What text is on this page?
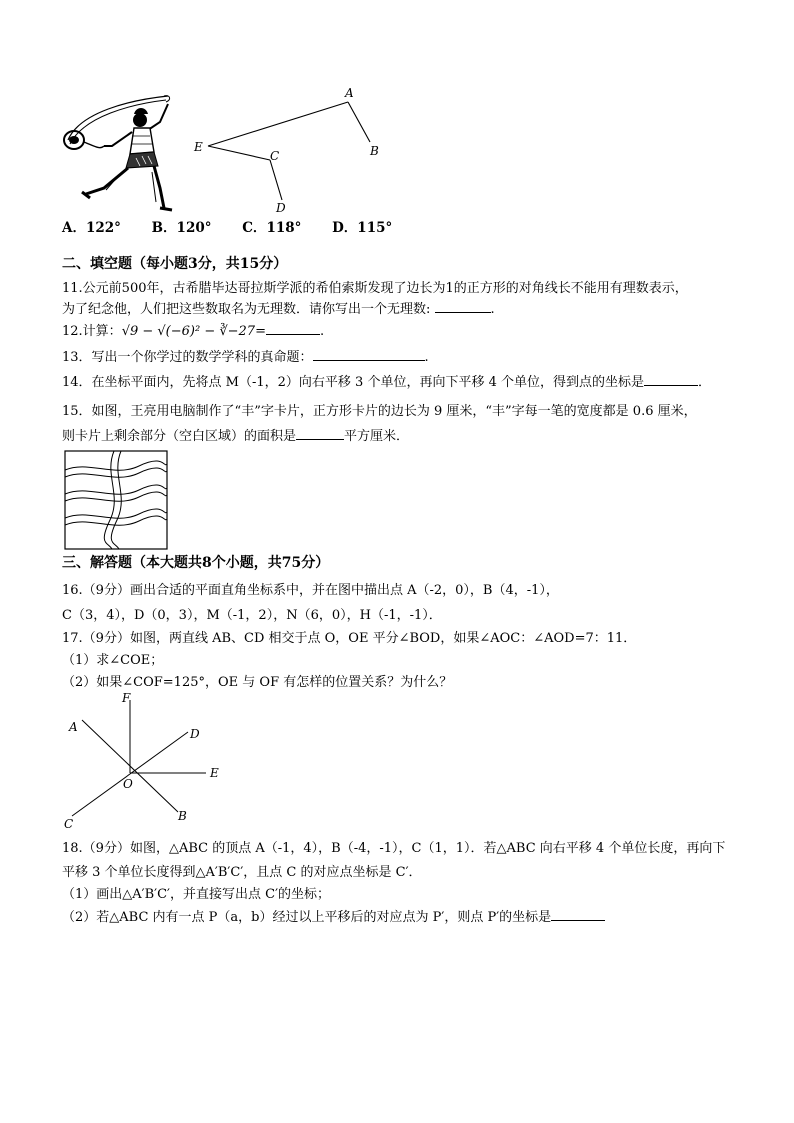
A
B
E
C
D
A．122° B．120° C．118° D．115°
二、填空题（每小题3分，共15分）
11.公元前500年，古希腊毕达哥拉斯学派的希伯索斯发现了边长为1的正方形的对角线长不能用有理数表示，
为了纪念他，人们把这些数取名为无理数．请你写出一个无理数:	.
12.计算：√9 − √(−6)² − ∛−27=	.
13．写出一个你学过的数学学科的真命题：	.
14．在坐标平面内，先将点 M（-1，2）向右平移 3 个单位，再向下平移 4 个单位，得到点的坐标是	．
15．如图，王亮用电脑制作了“丰”字卡片，正方形卡片的边长为 9 厘米，“丰”字每一笔的宽度都是 0.6 厘米，
则卡片上剩余部分（空白区域）的面积是	平方厘米．
三、解答题（本大题共8个小题，共75分）
16.（9分）画出合适的平面直角坐标系中，并在图中描出点 A（-2，0），B（4，-1），
C（3，4），D（0，3），M（-1，2），N（6，0），H（-1，-1）．
17.（9分）如图，两直线 AB、CD 相交于点 O，OE 平分∠BOD，如果∠AOC：∠AOD=7：11．
（1）求∠COE；
（2）如果∠COF=125°，OE 与 OF 有怎样的位置关系？为什么？
F
A	D
E
O
B
C
18.（9分）如图，△ABC 的顶点 A（-1，4），B（-4，-1），C（1，1）．若△ABC 向右平移 4 个单位长度，再向下
平移 3 个单位长度得到△A′B′C′，且点 C 的对应点坐标是 C′．
（1）画出△A′B′C′，并直接写出点 C′的坐标；
（2）若△ABC 内有一点 P（a，b）经过以上平移后的对应点为 P′，则点 P′的坐标是
